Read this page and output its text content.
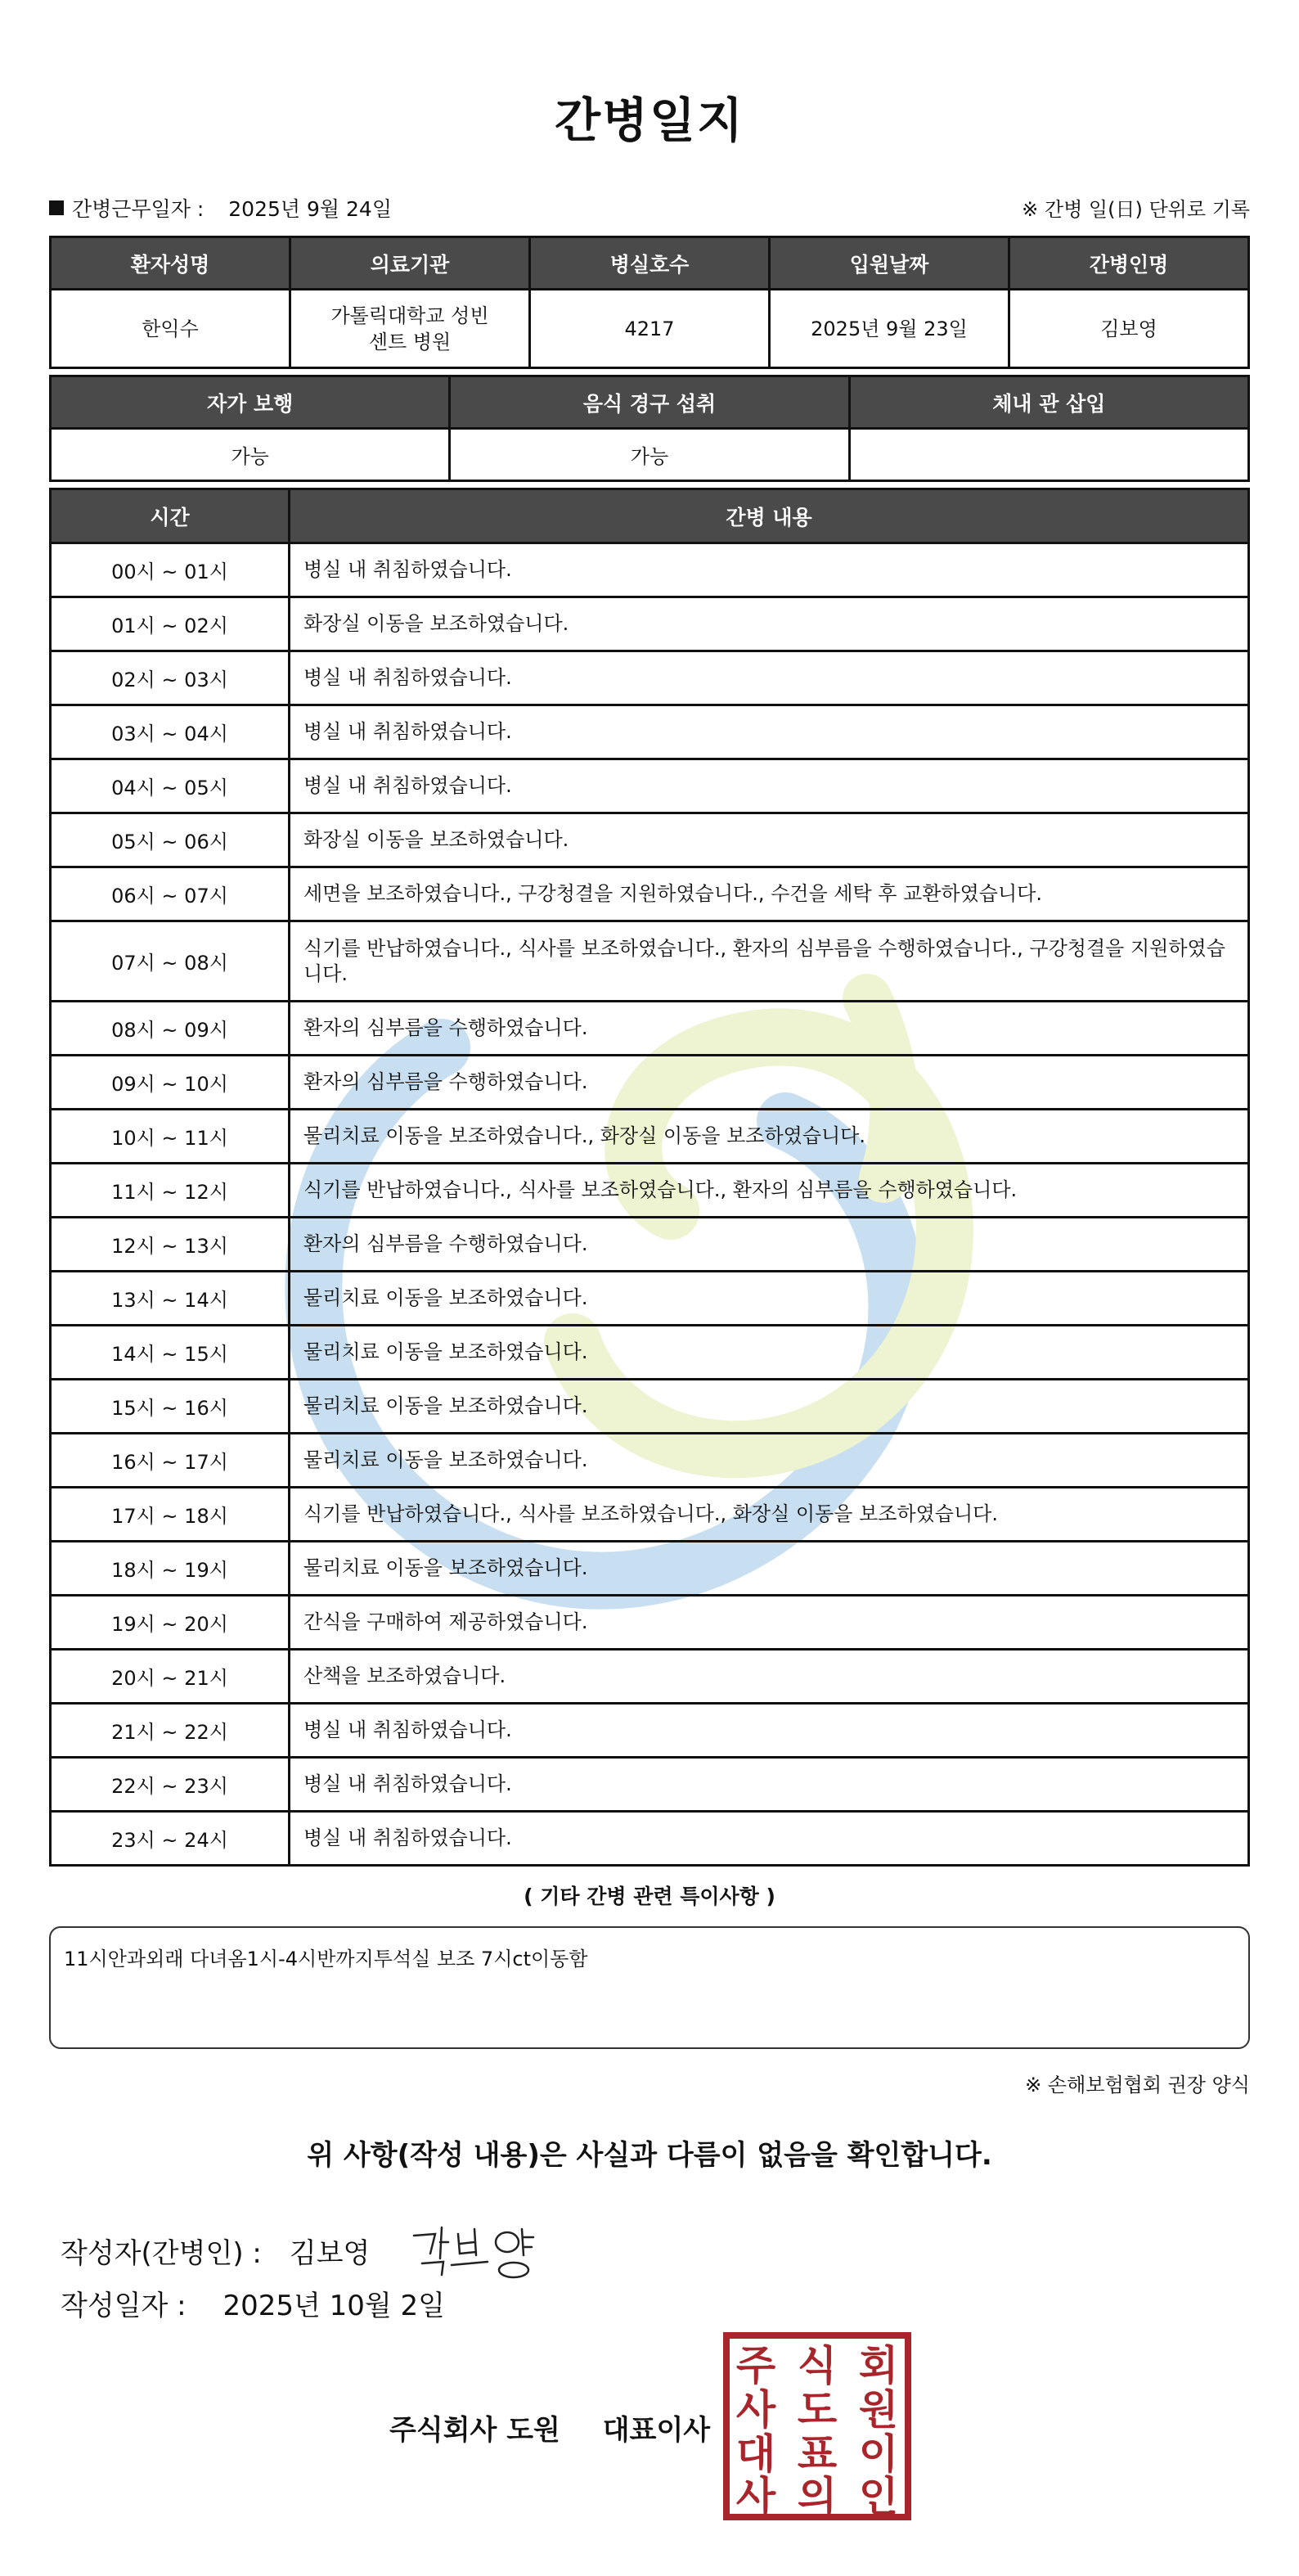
간병일지
간병근무일자 : 2025년 9월 24일	※ 간병 일(日) 단위로 기록
환자성명	의료기관	병실호수	입원날짜	간병인명
한익수	가톨릭대학교 성빈센트 병원	4217	2025년 9월 23일	김보영
자가 보행	음식 경구 섭취	체내 관 삽입
가능	가능	
시간	간병 내용
00시 ~ 01시	병실 내 취침하였습니다.
01시 ~ 02시	화장실 이동을 보조하였습니다.
02시 ~ 03시	병실 내 취침하였습니다.
03시 ~ 04시	병실 내 취침하였습니다.
04시 ~ 05시	병실 내 취침하였습니다.
05시 ~ 06시	화장실 이동을 보조하였습니다.
06시 ~ 07시	세면을 보조하였습니다., 구강청결을 지원하였습니다., 수건을 세탁 후 교환하였습니다.
07시 ~ 08시	식기를 반납하였습니다., 식사를 보조하였습니다., 환자의 심부름을 수행하였습니다., 구강청결을 지원하였습니다.
08시 ~ 09시	환자의 심부름을 수행하였습니다.
09시 ~ 10시	환자의 심부름을 수행하였습니다.
10시 ~ 11시	물리치료 이동을 보조하였습니다., 화장실 이동을 보조하였습니다.
11시 ~ 12시	식기를 반납하였습니다., 식사를 보조하였습니다., 환자의 심부름을 수행하였습니다.
12시 ~ 13시	환자의 심부름을 수행하였습니다.
13시 ~ 14시	물리치료 이동을 보조하였습니다.
14시 ~ 15시	물리치료 이동을 보조하였습니다.
15시 ~ 16시	물리치료 이동을 보조하였습니다.
16시 ~ 17시	물리치료 이동을 보조하였습니다.
17시 ~ 18시	식기를 반납하였습니다., 식사를 보조하였습니다., 화장실 이동을 보조하였습니다.
18시 ~ 19시	물리치료 이동을 보조하였습니다.
19시 ~ 20시	간식을 구매하여 제공하였습니다.
20시 ~ 21시	산책을 보조하였습니다.
21시 ~ 22시	병실 내 취침하였습니다.
22시 ~ 23시	병실 내 취침하였습니다.
23시 ~ 24시	병실 내 취침하였습니다.
( 기타 간병 관련 특이사항 )
11시안과외래 다녀옴1시-4시반까지투석실 보조 7시ct이동함
※ 손해보험협회 권장 양식
위 사항(작성 내용)은 사실과 다름이 없음을 확인합니다.
작성자(간병인) : 김보영
작성일자 : 2025년 10월 2일
주식회사 도원 대표이사
주 식 회
사 도 원
대 표 이
사 의 인
